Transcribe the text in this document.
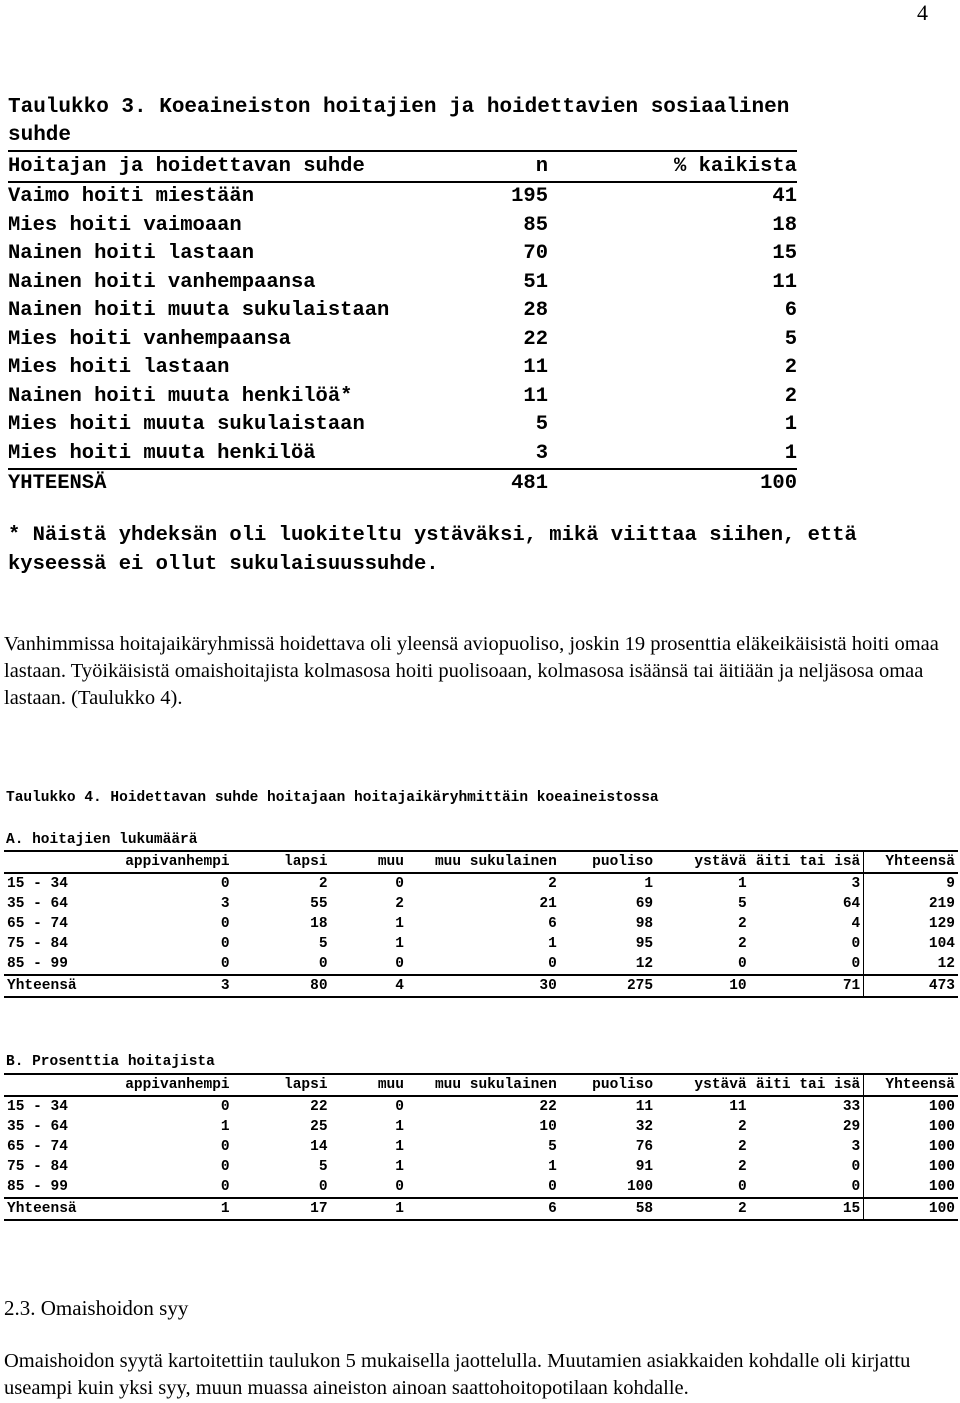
4
Taulukko 3. Koeaineiston hoitajien ja hoidettavien sosiaalinen suhde
Hoitajan ja hoidettavan suhde	n	% kaikista
Vaimo hoiti miestään	195	41
Mies hoiti vaimoaan	85	18
Nainen hoiti lastaan	70	15
Nainen hoiti vanhempaansa	51	11
Nainen hoiti muuta sukulaistaan	28	6
Mies hoiti vanhempaansa	22	5
Mies hoiti lastaan	11	2
Nainen hoiti muuta henkilöä*	11	2
Mies hoiti muuta sukulaistaan	5	1
Mies hoiti muuta henkilöä	3	1
YHTEENSÄ	481	100
* Näistä yhdeksän oli luokiteltu ystäväksi, mikä viittaa siihen, että kyseessä ei ollut sukulaisuussuhde.
Vanhimmissa hoitajaikäryhmissä hoidettava oli yleensä aviopuoliso, joskin 19 prosenttia eläkeikäisistä hoiti omaa lastaan. Työikäisistä omaishoitajista kolmasosa hoiti puolisoaan, kolmasosa isäänsä tai äitiään ja neljäsosa omaa lastaan. (Taulukko 4).
Taulukko 4. Hoidettavan suhde hoitajaan hoitajaikäryhmittäin koeaineistossa
A. hoitajien lukumäärä
	appivanhempi	lapsi	muu	muu sukulainen	puoliso	ystävä	äiti tai isä	Yhteensä
15 - 34	0	2	0	2	1	1	3	9
35 - 64	3	55	2	21	69	5	64	219
65 - 74	0	18	1	6	98	2	4	129
75 - 84	0	5	1	1	95	2	0	104
85 - 99	0	0	0	0	12	0	0	12
Yhteensä	3	80	4	30	275	10	71	473
B. Prosenttia hoitajista
	appivanhempi	lapsi	muu	muu sukulainen	puoliso	ystävä	äiti tai isä	Yhteensä
15 - 34	0	22	0	22	11	11	33	100
35 - 64	1	25	1	10	32	2	29	100
65 - 74	0	14	1	5	76	2	3	100
75 - 84	0	5	1	1	91	2	0	100
85 - 99	0	0	0	0	100	0	0	100
Yhteensä	1	17	1	6	58	2	15	100
2.3. Omaishoidon syy
Omaishoidon syytä kartoitettiin taulukon 5 mukaisella jaottelulla. Muutamien asiakkaiden kohdalle oli kirjattu useampi kuin yksi syy, muun muassa aineiston ainoan saattohoitopotilaan kohdalle.
